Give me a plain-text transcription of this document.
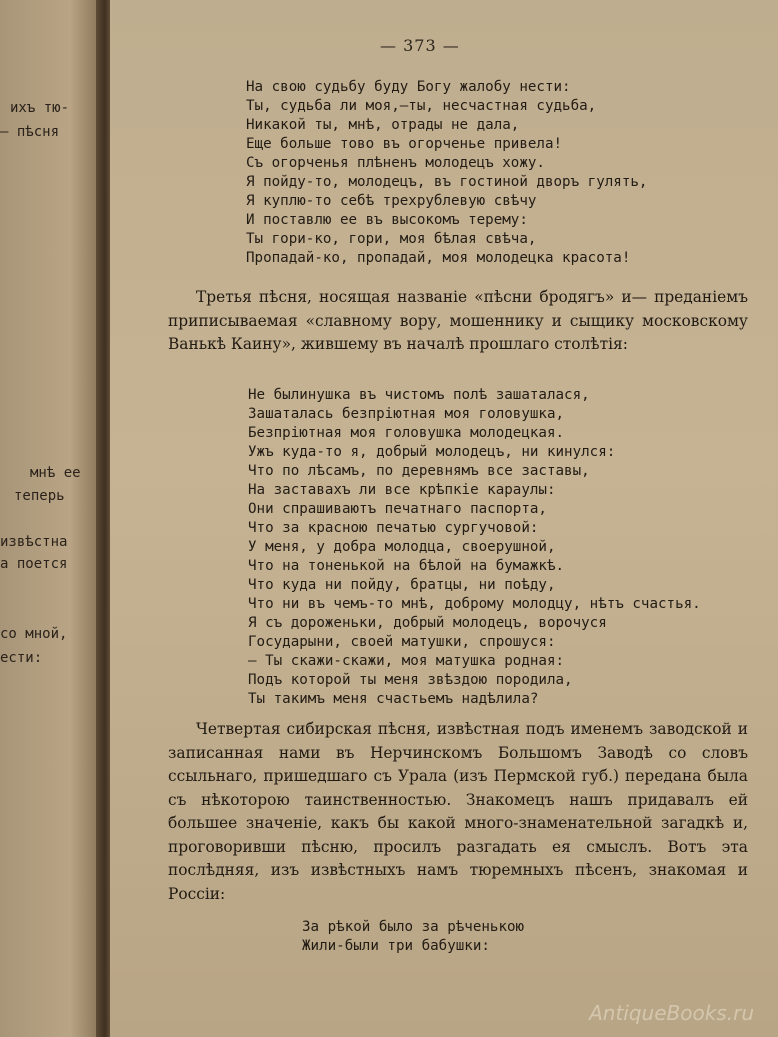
ихъ тю-
— пѣсня
мнѣ ее
теперь
извѣстна
а поется
со мной,
ести:
— 373 —
На свою судьбу буду Богу жалобу нести:
Ты, судьба ли моя,—ты, несчастная судьба,
Никакой ты, мнѣ, отрады не дала,
Еще больше тово въ огорченье привела!
Съ огорченья плѣненъ молодецъ хожу.
Я пойду-то, молодецъ, въ гостиной дворъ гулять,
Я куплю-то себѣ трехрублевую свѣчу
И поставлю ее въ высокомъ терему:
Ты гори-ко, гори, моя бѣлая свѣча,
Пропадай-ко, пропадай, моя молодецка красота!

Третья пѣсня, носящая названіе «пѣсни бродягъ» и— преданіемъ приписываемая «славному вору, мошеннику и сыщику московскому Ванькѣ Каину», жившему въ началѣ прошлаго столѣтія:

Не былинушка въ чистомъ полѣ зашаталася,
Зашаталась безпріютная моя головушка,
Безпріютная моя головушка молодецкая.
Ужъ куда-то я, добрый молодецъ, ни кинулся:
Что по лѣсамъ, по деревнямъ все заставы,
На заставахъ ли все крѣпкіе караулы:
Они спрашиваютъ печатнаго паспорта,
Что за красною печатью сургучовой:
У меня, у добра молодца, своерушной,
Что на тоненькой на бѣлой на бумажкѣ.
Что куда ни пойду, братцы, ни поѣду,
Что ни въ чемъ-то мнѣ, доброму молодцу, нѣтъ счастья.
Я съ дороженьки, добрый молодецъ, ворочуся
Государыни, своей матушки, спрошуся:
— Ты скажи-скажи, моя матушка родная:
Подъ которой ты меня звѣздою породила,
Ты такимъ меня счастьемъ надѣлила?

Четвертая сибирская пѣсня, извѣстная подъ именемъ заводской и записанная нами въ Нерчинскомъ Большомъ Заводѣ со словъ ссыльнаго, пришедшаго съ Урала (изъ Пермской губ.) передана была съ нѣкоторою таинственностью. Знакомецъ нашъ придавалъ ей большее значеніе, какъ бы какой много-знаменательной загадкѣ и, проговоривши пѣсню, просилъ разгадать ея смыслъ. Вотъ эта послѣдняя, изъ извѣстныхъ намъ тюремныхъ пѣсенъ, знакомая и Россіи:

За рѣкой было за рѣченькою
Жили-были три бабушки:
AntiqueBooks.ru
